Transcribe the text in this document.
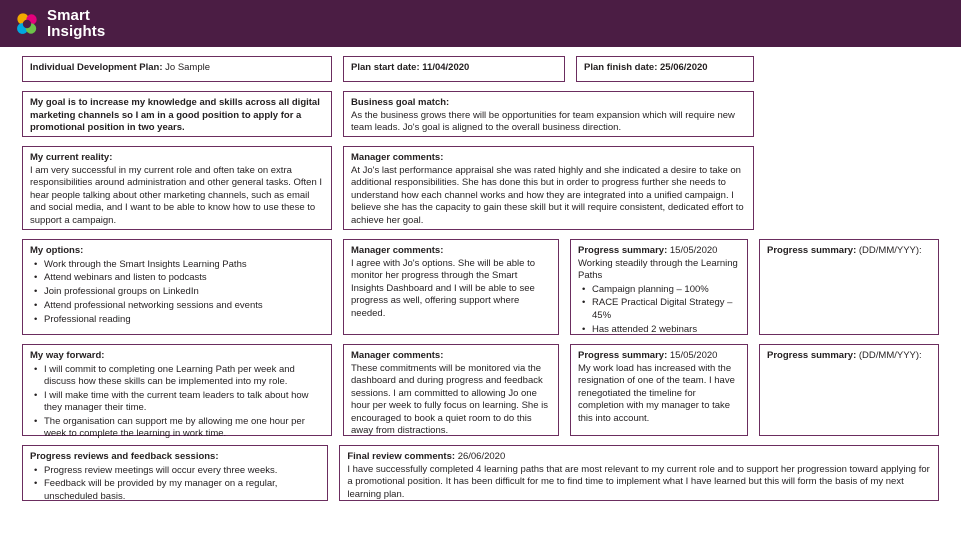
Smart
Insights
Individual Development Plan: Jo Sample	Plan start date: 11/04/2020	Plan finish date: 25/06/2020

My goal is to increase my knowledge and skills across all digital marketing channels so I am in a good position to apply for a promotional position in two years.

Business goal match:

As the business grows there will be opportunities for team expansion which will require new team leads. Jo's goal is aligned to the overall business direction.

My current reality:

I am very successful in my current role and often take on extra responsibilities around administration and other general tasks. Often I hear people talking about other marketing channels, such as email and social media, and I want to be able to know how to use these to support a campaign.

Manager comments:

At Jo's last performance appraisal she was rated highly and she indicated a desire to take on additional responsibilities. She has done this but in order to progress further she needs to understand how each channel works and how they are integrated into a unified campaign. I believe she has the capacity to gain these skill but it will require consistent, dedicated effort to achieve her goal.

My options:

• Work through the Smart Insights Learning Paths
• Attend webinars and listen to podcasts
• Join professional groups on LinkedIn
• Attend professional networking sessions and events
• Professional reading

Manager comments:

I agree with Jo's options. She will be able to monitor her progress through the Smart Insights Dashboard and I will be able to see progress as well, offering support where needed.

Progress summary: 15/05/2020

Working steadily through the Learning Paths

• Campaign planning – 100%
• RACE Practical Digital Strategy – 45%
• Has attended 2 webinars

Progress summary: (DD/MM/YYY):

My way forward:

• I will commit to completing one Learning Path per week and discuss how these skills can be implemented into my role.
• I will make time with the current team leaders to talk about how they manager their time.
• The organisation can support me by allowing me one hour per week to complete the learning in work time.

Manager comments:

These commitments will be monitored via the dashboard and during progress and feedback sessions. I am committed to allowing Jo one hour per week to fully focus on learning. She is encouraged to book a quiet room to do this away from distractions.

Progress summary: 15/05/2020

My work load has increased with the resignation of one of the team. I have renegotiated the timeline for completion with my manager to take this into account.

Progress summary: (DD/MM/YYY):

Progress reviews and feedback sessions:

• Progress review meetings will occur every three weeks.
• Feedback will be provided by my manager on a regular, unscheduled basis.

Final review comments: 26/06/2020

I have successfully completed 4 learning paths that are most relevant to my current role and to support her progression toward applying for a promotional position. It has been difficult for me to find time to implement what I have learned but this will form the basis of my next learning plan.
